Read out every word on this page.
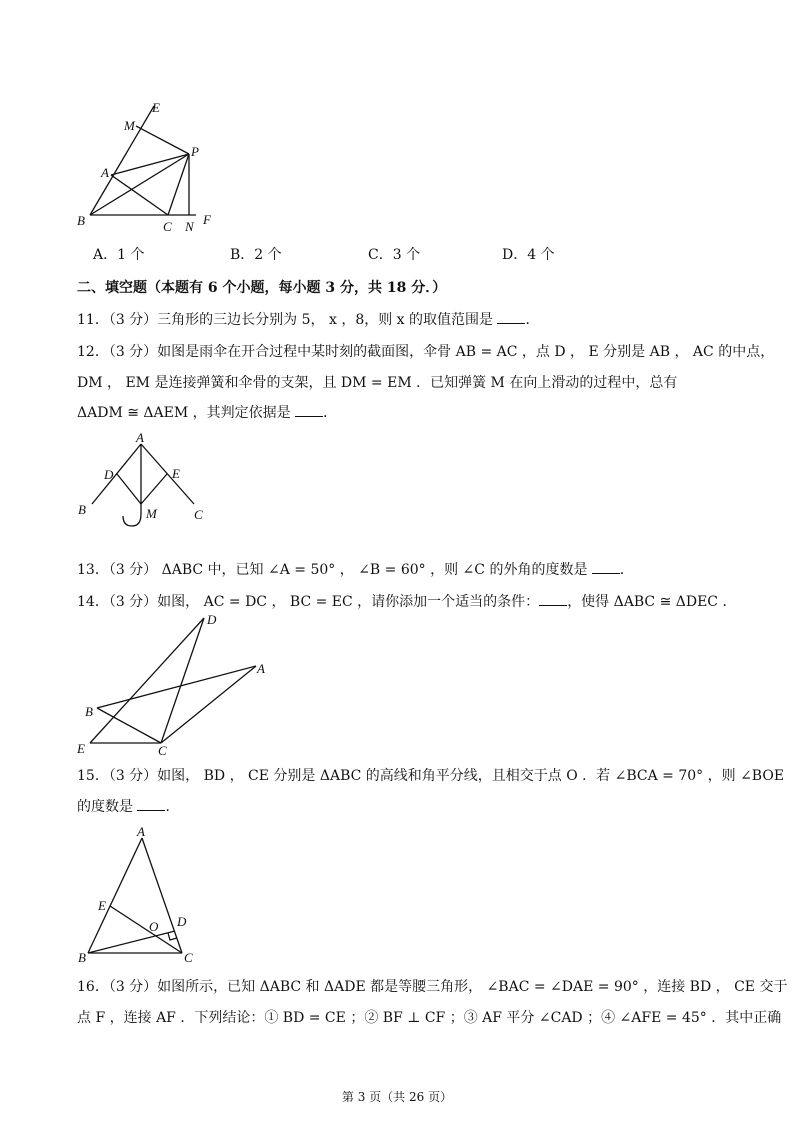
E
M
P
A
B	C N F
A．1 个	B．2 个	C．3 个	D．4 个
二、填空题（本题有 6 个小题，每小题 3 分，共 18 分．）
11．（3 分）三角形的三边长分别为 5， x ，8，则 x 的取值范围是 ．
12．（3 分）如图是雨伞在开合过程中某时刻的截面图，伞骨 AB = AC ，点 D ， E 分别是 AB ， AC 的中点，
DM ， EM 是连接弹簧和伞骨的支架，且 DM = EM ．已知弹簧 M 在向上滑动的过程中，总有
ΔADM ≅ ΔAEM ，其判定依据是 ．
A
D	E
B	M	C
13．（3 分） ΔABC 中，已知 ∠A = 50° ， ∠B = 60° ，则 ∠C 的外角的度数是 ．
14．（3 分）如图， AC = DC ， BC = EC ，请你添加一个适当的条件： ，使得 ΔABC ≅ ΔDEC ．
D
A
B
E	C
15．（3 分）如图， BD ， CE 分别是 ΔABC 的高线和角平分线，且相交于点 O ．若 ∠BCA = 70° ，则 ∠BOE
的度数是 ．
A
E
O D
B	C
16．（3 分）如图所示，已知 ΔABC 和 ΔADE 都是等腰三角形， ∠BAC = ∠DAE = 90° ，连接 BD ， CE 交于
点 F ，连接 AF ．下列结论：① BD = CE ；② BF ⊥ CF ；③ AF 平分 ∠CAD ；④ ∠AFE = 45° ．其中正确
第 3 页（共 26 页）
